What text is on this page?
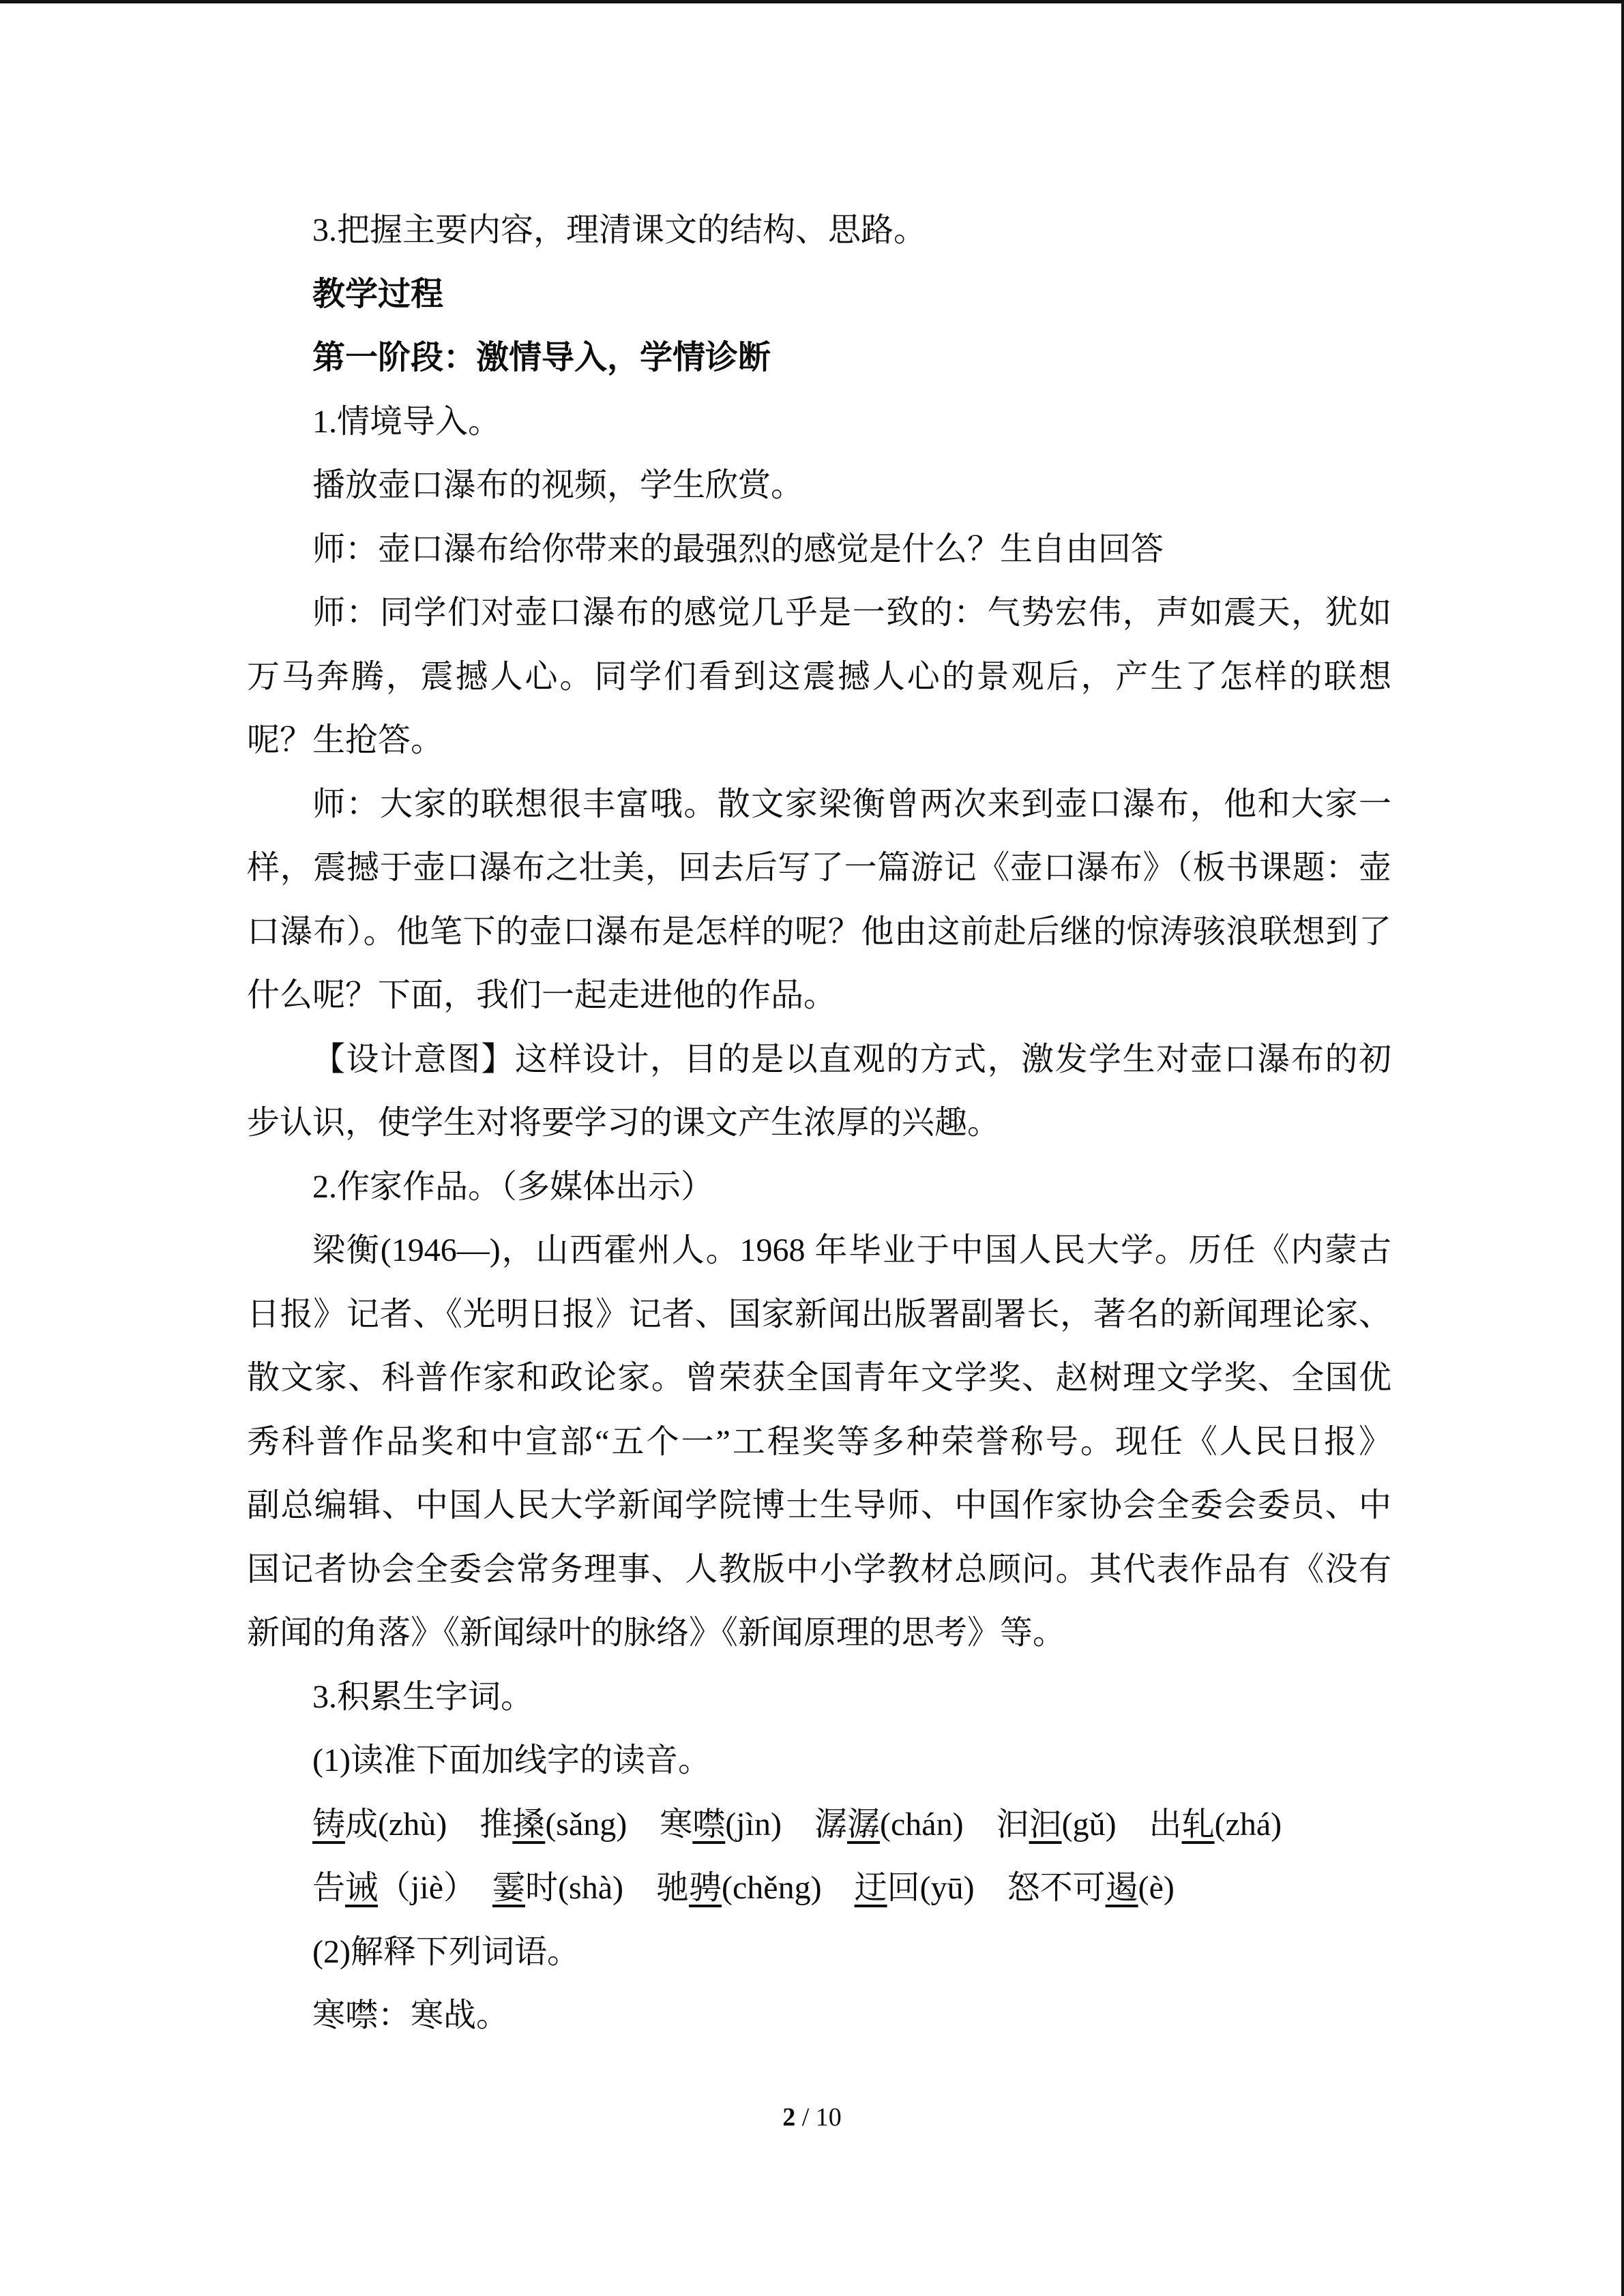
3.把握主要内容，理清课文的结构、思路。
教学过程
第一阶段：激情导入，学情诊断
1.情境导入。
播放壶口瀑布的视频，学生欣赏。
师：壶口瀑布给你带来的最强烈的感觉是什么？生自由回答
师：同学们对壶口瀑布的感觉几乎是一致的：气势宏伟，声如震天，犹如
万马奔腾，震撼人心。同学们看到这震撼人心的景观后，产生了怎样的联想
呢？生抢答。
师：大家的联想很丰富哦。散文家梁衡曾两次来到壶口瀑布，他和大家一
样，震撼于壶口瀑布之壮美，回去后写了一篇游记《壶口瀑布》（板书课题：壶
口瀑布）。他笔下的壶口瀑布是怎样的呢？他由这前赴后继的惊涛骇浪联想到了
什么呢？下面，我们一起走进他的作品。
【设计意图】这样设计，目的是以直观的方式，激发学生对壶口瀑布的初
步认识，使学生对将要学习的课文产生浓厚的兴趣。
2.作家作品。（多媒体出示）
梁衡(1946—)，山西霍州人。1968 年毕业于中国人民大学。历任《内蒙古
日报》记者、《光明日报》记者、国家新闻出版署副署长，著名的新闻理论家、
散文家、科普作家和政论家。曾荣获全国青年文学奖、赵树理文学奖、全国优
秀科普作品奖和中宣部“五个一”工程奖等多种荣誉称号。现任《人民日报》
副总编辑、中国人民大学新闻学院博士生导师、中国作家协会全委会委员、中
国记者协会全委会常务理事、人教版中小学教材总顾问。其代表作品有《没有
新闻的角落》《新闻绿叶的脉络》《新闻原理的思考》等。
3.积累生字词。
(1)读准下面加线字的读音。
铸成(zhù)　推搡(sǎng)　寒噤(jìn)　潺潺(chán)　汩汩(gǔ)　出轧(zhá)
告诫（jiè）　霎时(shà)　驰骋(chěng)　迂回(yū)　怒不可遏(è)
(2)解释下列词语。
寒噤：寒战。
2 / 10
